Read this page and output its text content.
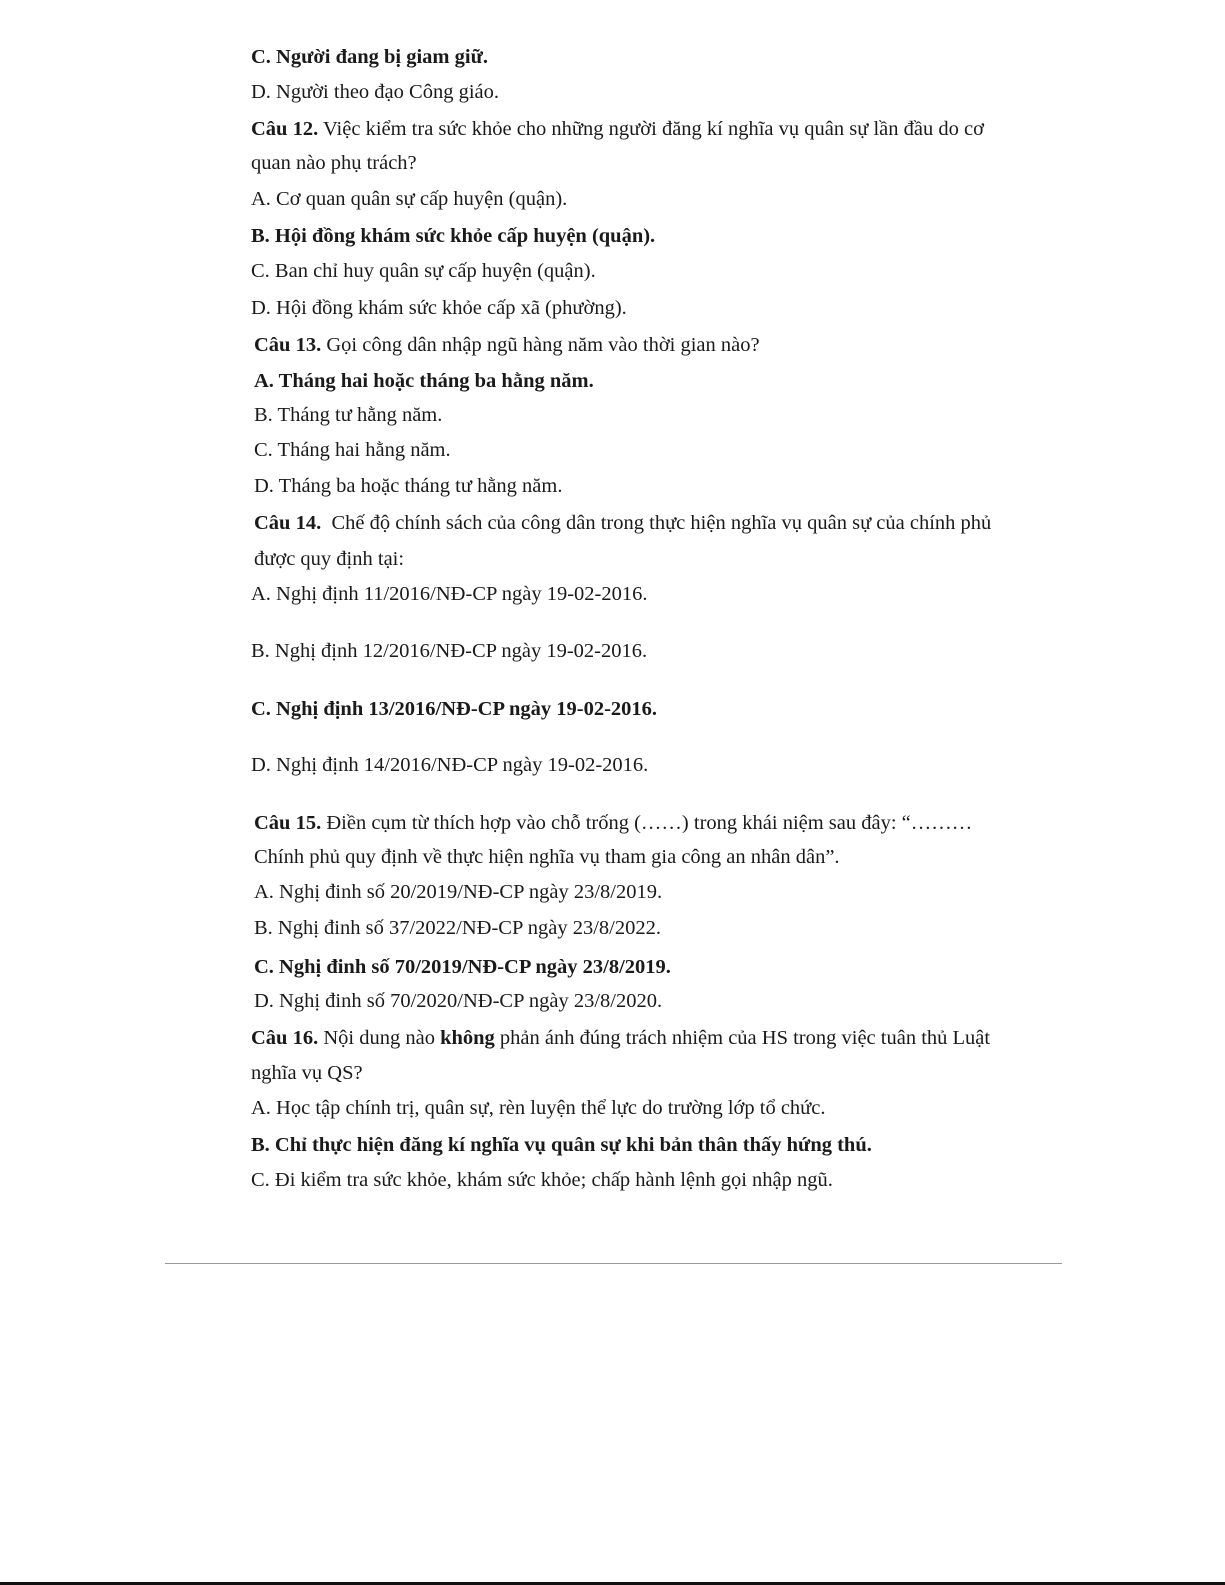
C. Người đang bị giam giữ.

D. Người theo đạo Công giáo.

Câu 12. Việc kiểm tra sức khỏe cho những người đăng kí nghĩa vụ quân sự lần đầu do cơ

quan nào phụ trách?

A. Cơ quan quân sự cấp huyện (quận).

B. Hội đồng khám sức khỏe cấp huyện (quận).

C. Ban chỉ huy quân sự cấp huyện (quận).

D. Hội đồng khám sức khỏe cấp xã (phường).

Câu 13. Gọi công dân nhập ngũ hàng năm vào thời gian nào?

A. Tháng hai hoặc tháng ba hằng năm.

B. Tháng tư hằng năm.

C. Tháng hai hằng năm.

D. Tháng ba hoặc tháng tư hằng năm.

Câu 14.  Chế độ chính sách của công dân trong thực hiện nghĩa vụ quân sự của chính phủ

được quy định tại:

A. Nghị định 11/2016/NĐ-CP ngày 19-02-2016.

B. Nghị định 12/2016/NĐ-CP ngày 19-02-2016.

C. Nghị định 13/2016/NĐ-CP ngày 19-02-2016.

D. Nghị định 14/2016/NĐ-CP ngày 19-02-2016.

Câu 15. Điền cụm từ thích hợp vào chỗ trống (……) trong khái niệm sau đây: “………

Chính phủ quy định về thực hiện nghĩa vụ tham gia công an nhân dân”.

A. Nghị đinh số 20/2019/NĐ-CP ngày 23/8/2019.

B. Nghị đinh số 37/2022/NĐ-CP ngày 23/8/2022.

C. Nghị đinh số 70/2019/NĐ-CP ngày 23/8/2019.

D. Nghị đinh số 70/2020/NĐ-CP ngày 23/8/2020.

Câu 16. Nội dung nào không phản ánh đúng trách nhiệm của HS trong việc tuân thủ Luật

nghĩa vụ QS?

A. Học tập chính trị, quân sự, rèn luyện thể lực do trường lớp tổ chức.

B. Chỉ thực hiện đăng kí nghĩa vụ quân sự khi bản thân thấy hứng thú.

C. Đi kiểm tra sức khỏe, khám sức khỏe; chấp hành lệnh gọi nhập ngũ.
